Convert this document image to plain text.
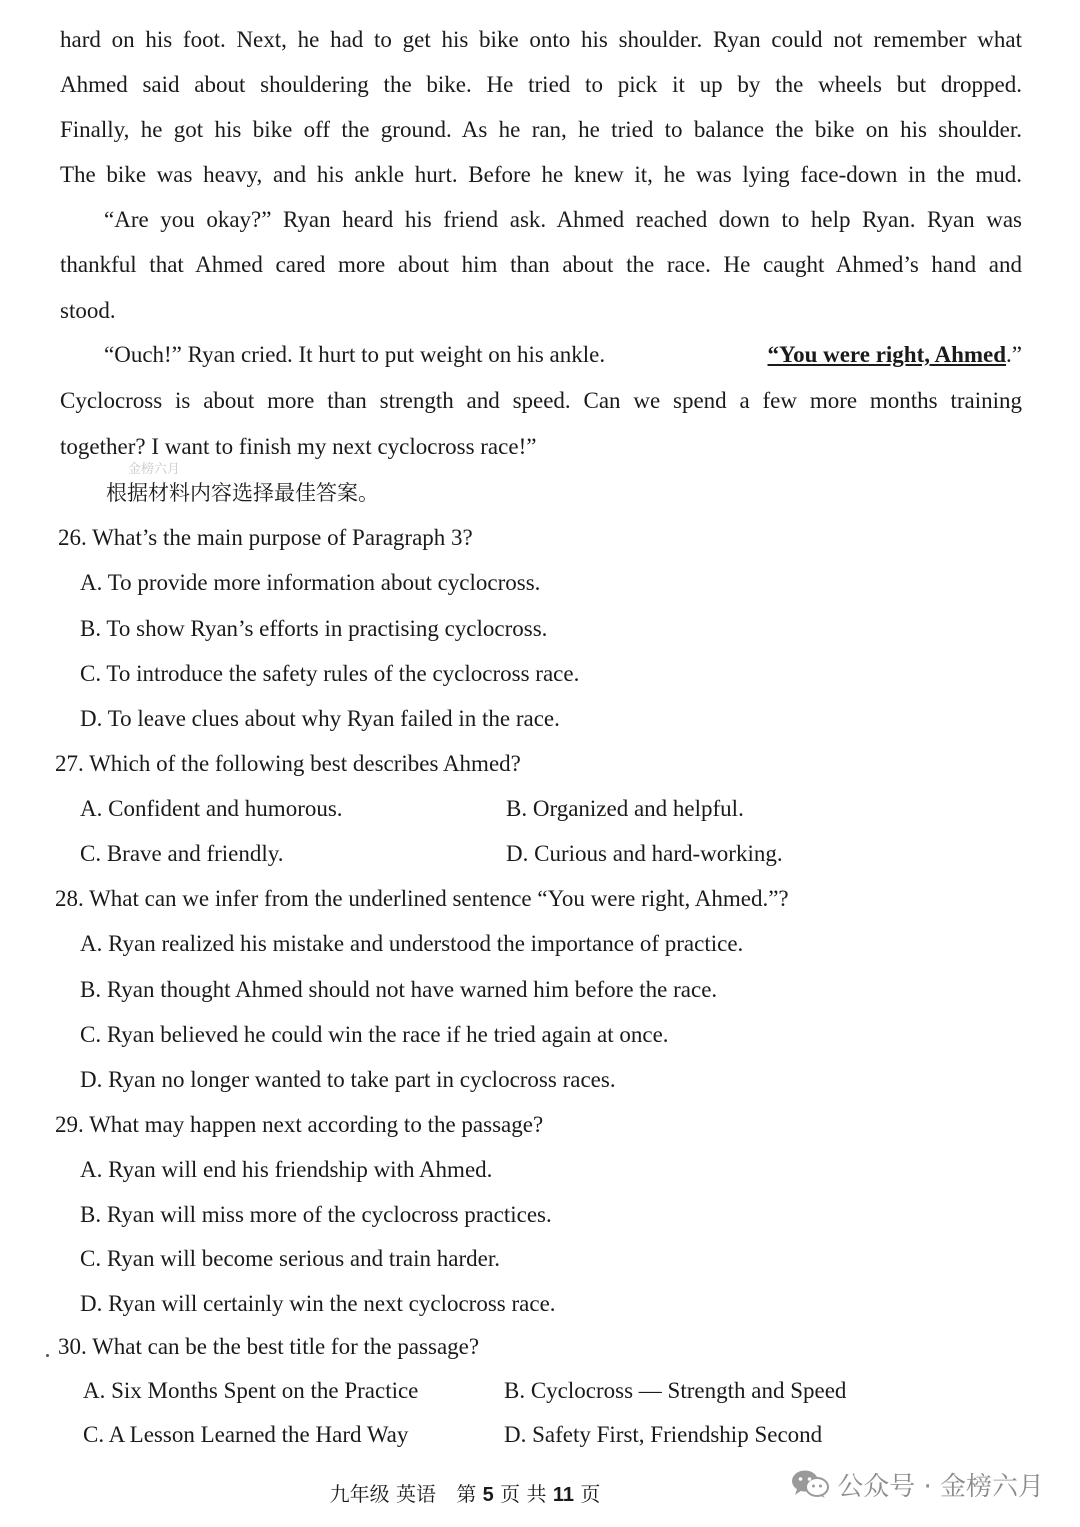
hard on his foot. Next, he had to get his bike onto his shoulder. Ryan could not remember what
Ahmed said about shouldering the bike. He tried to pick it up by the wheels but dropped.
Finally, he got his bike off the ground. As he ran, he tried to balance the bike on his shoulder.
The bike was heavy, and his ankle hurt. Before he knew it, he was lying face-down in the mud.
“Are you okay?” Ryan heard his friend ask. Ahmed reached down to help Ryan. Ryan was
thankful that Ahmed cared more about him than about the race. He caught Ahmed’s hand and
stood.
“Ouch!” Ryan cried. It hurt to put weight on his ankle.	“You were right, Ahmed.”
Cyclocross is about more than strength and speed. Can we spend a few more months training
together? I want to finish my next cyclocross race!”
金榜六月
根据材料内容选择最佳答案。
26. What’s the main purpose of Paragraph 3?
A. To provide more information about cyclocross.
B. To show Ryan’s efforts in practising cyclocross.
C. To introduce the safety rules of the cyclocross race.
D. To leave clues about why Ryan failed in the race.
27. Which of the following best describes Ahmed?
A. Confident and humorous.	B. Organized and helpful.
C. Brave and friendly.	D. Curious and hard-working.
28. What can we infer from the underlined sentence “You were right, Ahmed.”?
A. Ryan realized his mistake and understood the importance of practice.
B. Ryan thought Ahmed should not have warned him before the race.
C. Ryan believed he could win the race if he tried again at once.
D. Ryan no longer wanted to take part in cyclocross races.
29. What may happen next according to the passage?
A. Ryan will end his friendship with Ahmed.
B. Ryan will miss more of the cyclocross practices.
C. Ryan will become serious and train harder.
D. Ryan will certainly win the next cyclocross race.
30. What can be the best title for the passage?
A. Six Months Spent on the Practice	B. Cyclocross — Strength and Speed
C. A Lesson Learned the Hard Way	D. Safety First, Friendship Second
九年级 英语 第 5 页 共 11 页	公众号 · 金榜六月
